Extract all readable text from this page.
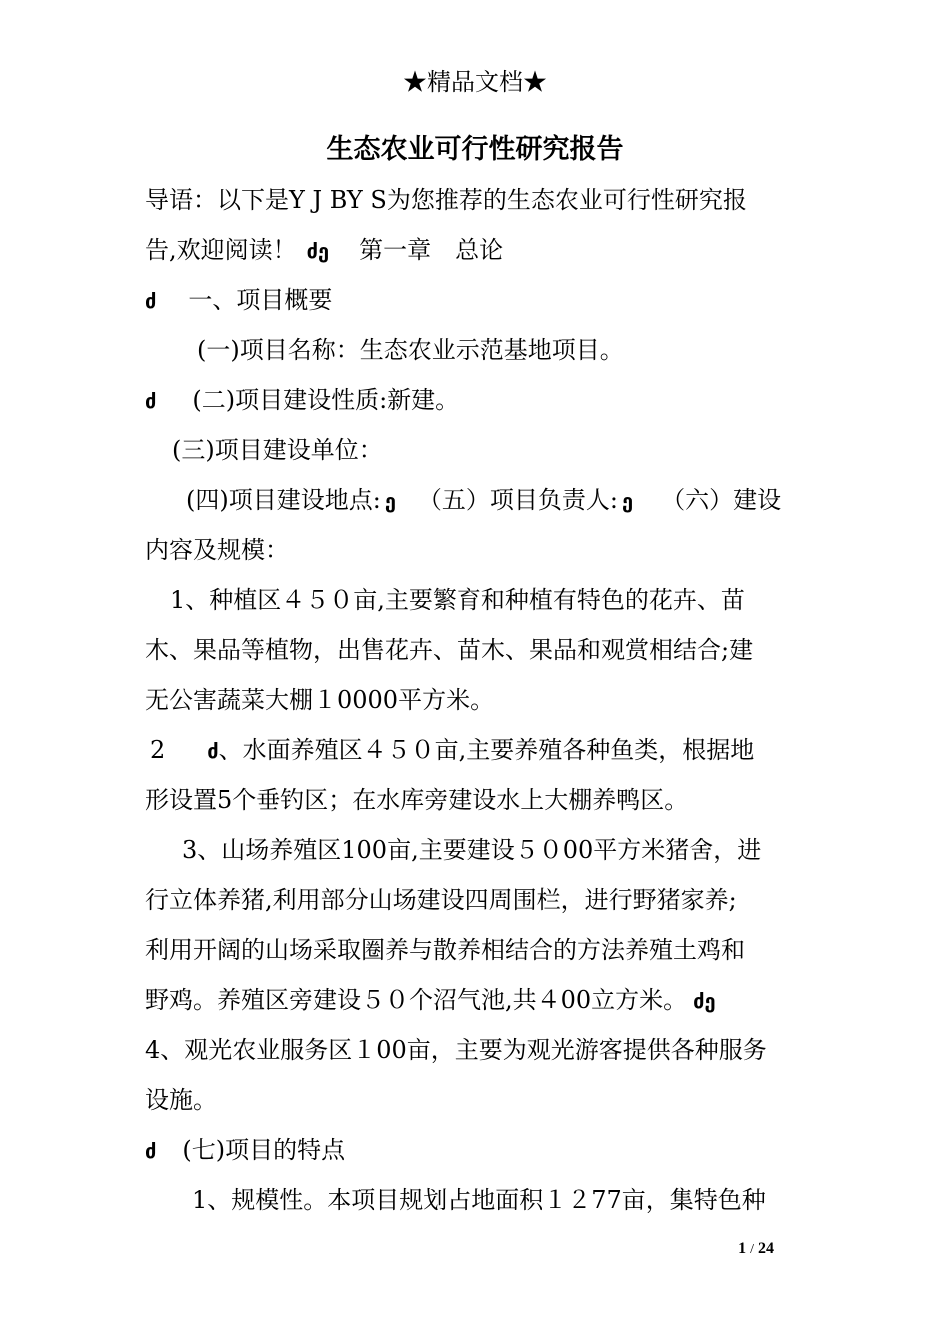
★精品文档★
生态农业可行性研究报告
导语：以下是Y J BY S为您推荐的生态农业可行性研究报
告,欢迎阅读！ ძე 第一章　总论
ძ 一、项目概要
(一)项目名称：生态农业示范基地项目。
ძ (二)项目建设性质:新建。
(三)项目建设单位：
(四)项目建设地点: ე （五）项目负责人: ე （六）建设
内容及规模：
1、种植区４５０亩,主要繁育和种植有特色的花卉、苗
木、果品等植物，出售花卉、苗木、果品和观赏相结合;建
无公害蔬菜大棚１0000平方米。
2 ძ、水面养殖区４５０亩,主要养殖各种鱼类，根据地
形设置5个垂钓区；在水库旁建设水上大棚养鸭区。
3、山场养殖区100亩,主要建设５０00平方米猪舍，进
行立体养猪,利用部分山场建设四周围栏，进行野猪家养;
利用开阔的山场采取圈养与散养相结合的方法养殖土鸡和
野鸡。养殖区旁建设５０个沼气池,共４00立方米。 ძე
4、观光农业服务区１00亩，主要为观光游客提供各种服务
设施。
ძ (七)项目的特点
1、规模性。本项目规划占地面积１２77亩，集特色种
1 / 24
